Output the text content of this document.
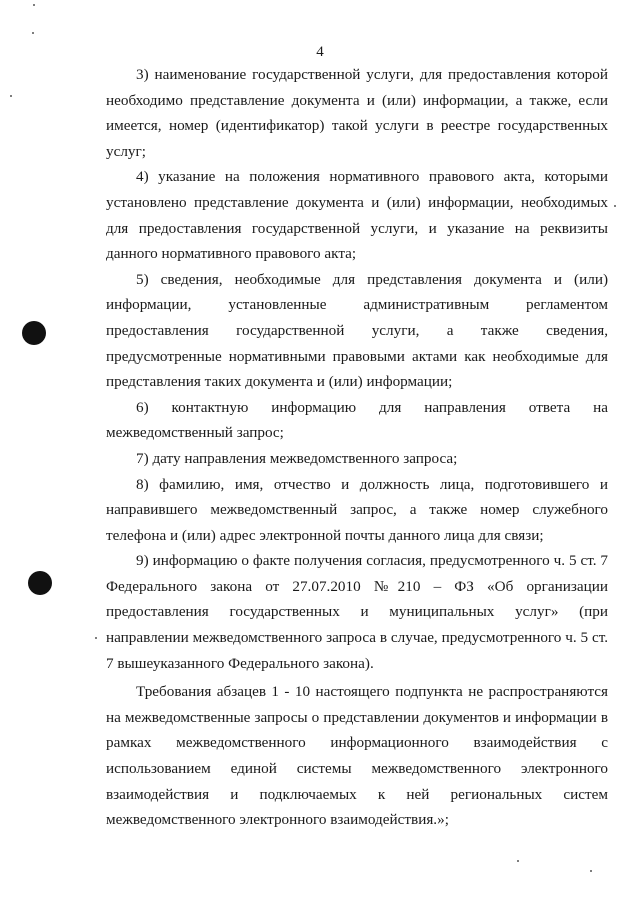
4

3) наименование государственной услуги, для предоставления которой необходимо представление документа и (или) информации, а также, если имеется, номер (идентификатор) такой услуги в реестре государственных услуг;

4) указание на положения нормативного правового акта, которыми установлено представление документа и (или) информации, необходимых для предоставления государственной услуги, и указание на реквизиты данного нормативного правового акта;

5) сведения, необходимые для представления документа и (или) информации, установленные административным регламентом предоставления государственной услуги, а также сведения, предусмотренные нормативными правовыми актами как необходимые для представления таких документа и (или) информации;

6) контактную информацию для направления ответа на межведомственный запрос;

7) дату направления межведомственного запроса;

8) фамилию, имя, отчество и должность лица, подготовившего и направившего межведомственный запрос, а также номер служебного телефона и (или) адрес электронной почты данного лица для связи;

9) информацию о факте получения согласия, предусмотренного ч. 5 ст. 7 Федерального закона от 27.07.2010 №210 – ФЗ «Об организации предоставления государственных и муниципальных услуг» (при направлении межведомственного запроса в случае, предусмотренного ч. 5 ст. 7 вышеуказанного Федерального закона).

Требования абзацев 1 - 10 настоящего подпункта не распространяются на межведомственные запросы о представлении документов и информации в рамках межведомственного информационного взаимодействия с использованием единой системы межведомственного электронного взаимодействия и подключаемых к ней региональных систем межведомственного электронного взаимодействия.»;
